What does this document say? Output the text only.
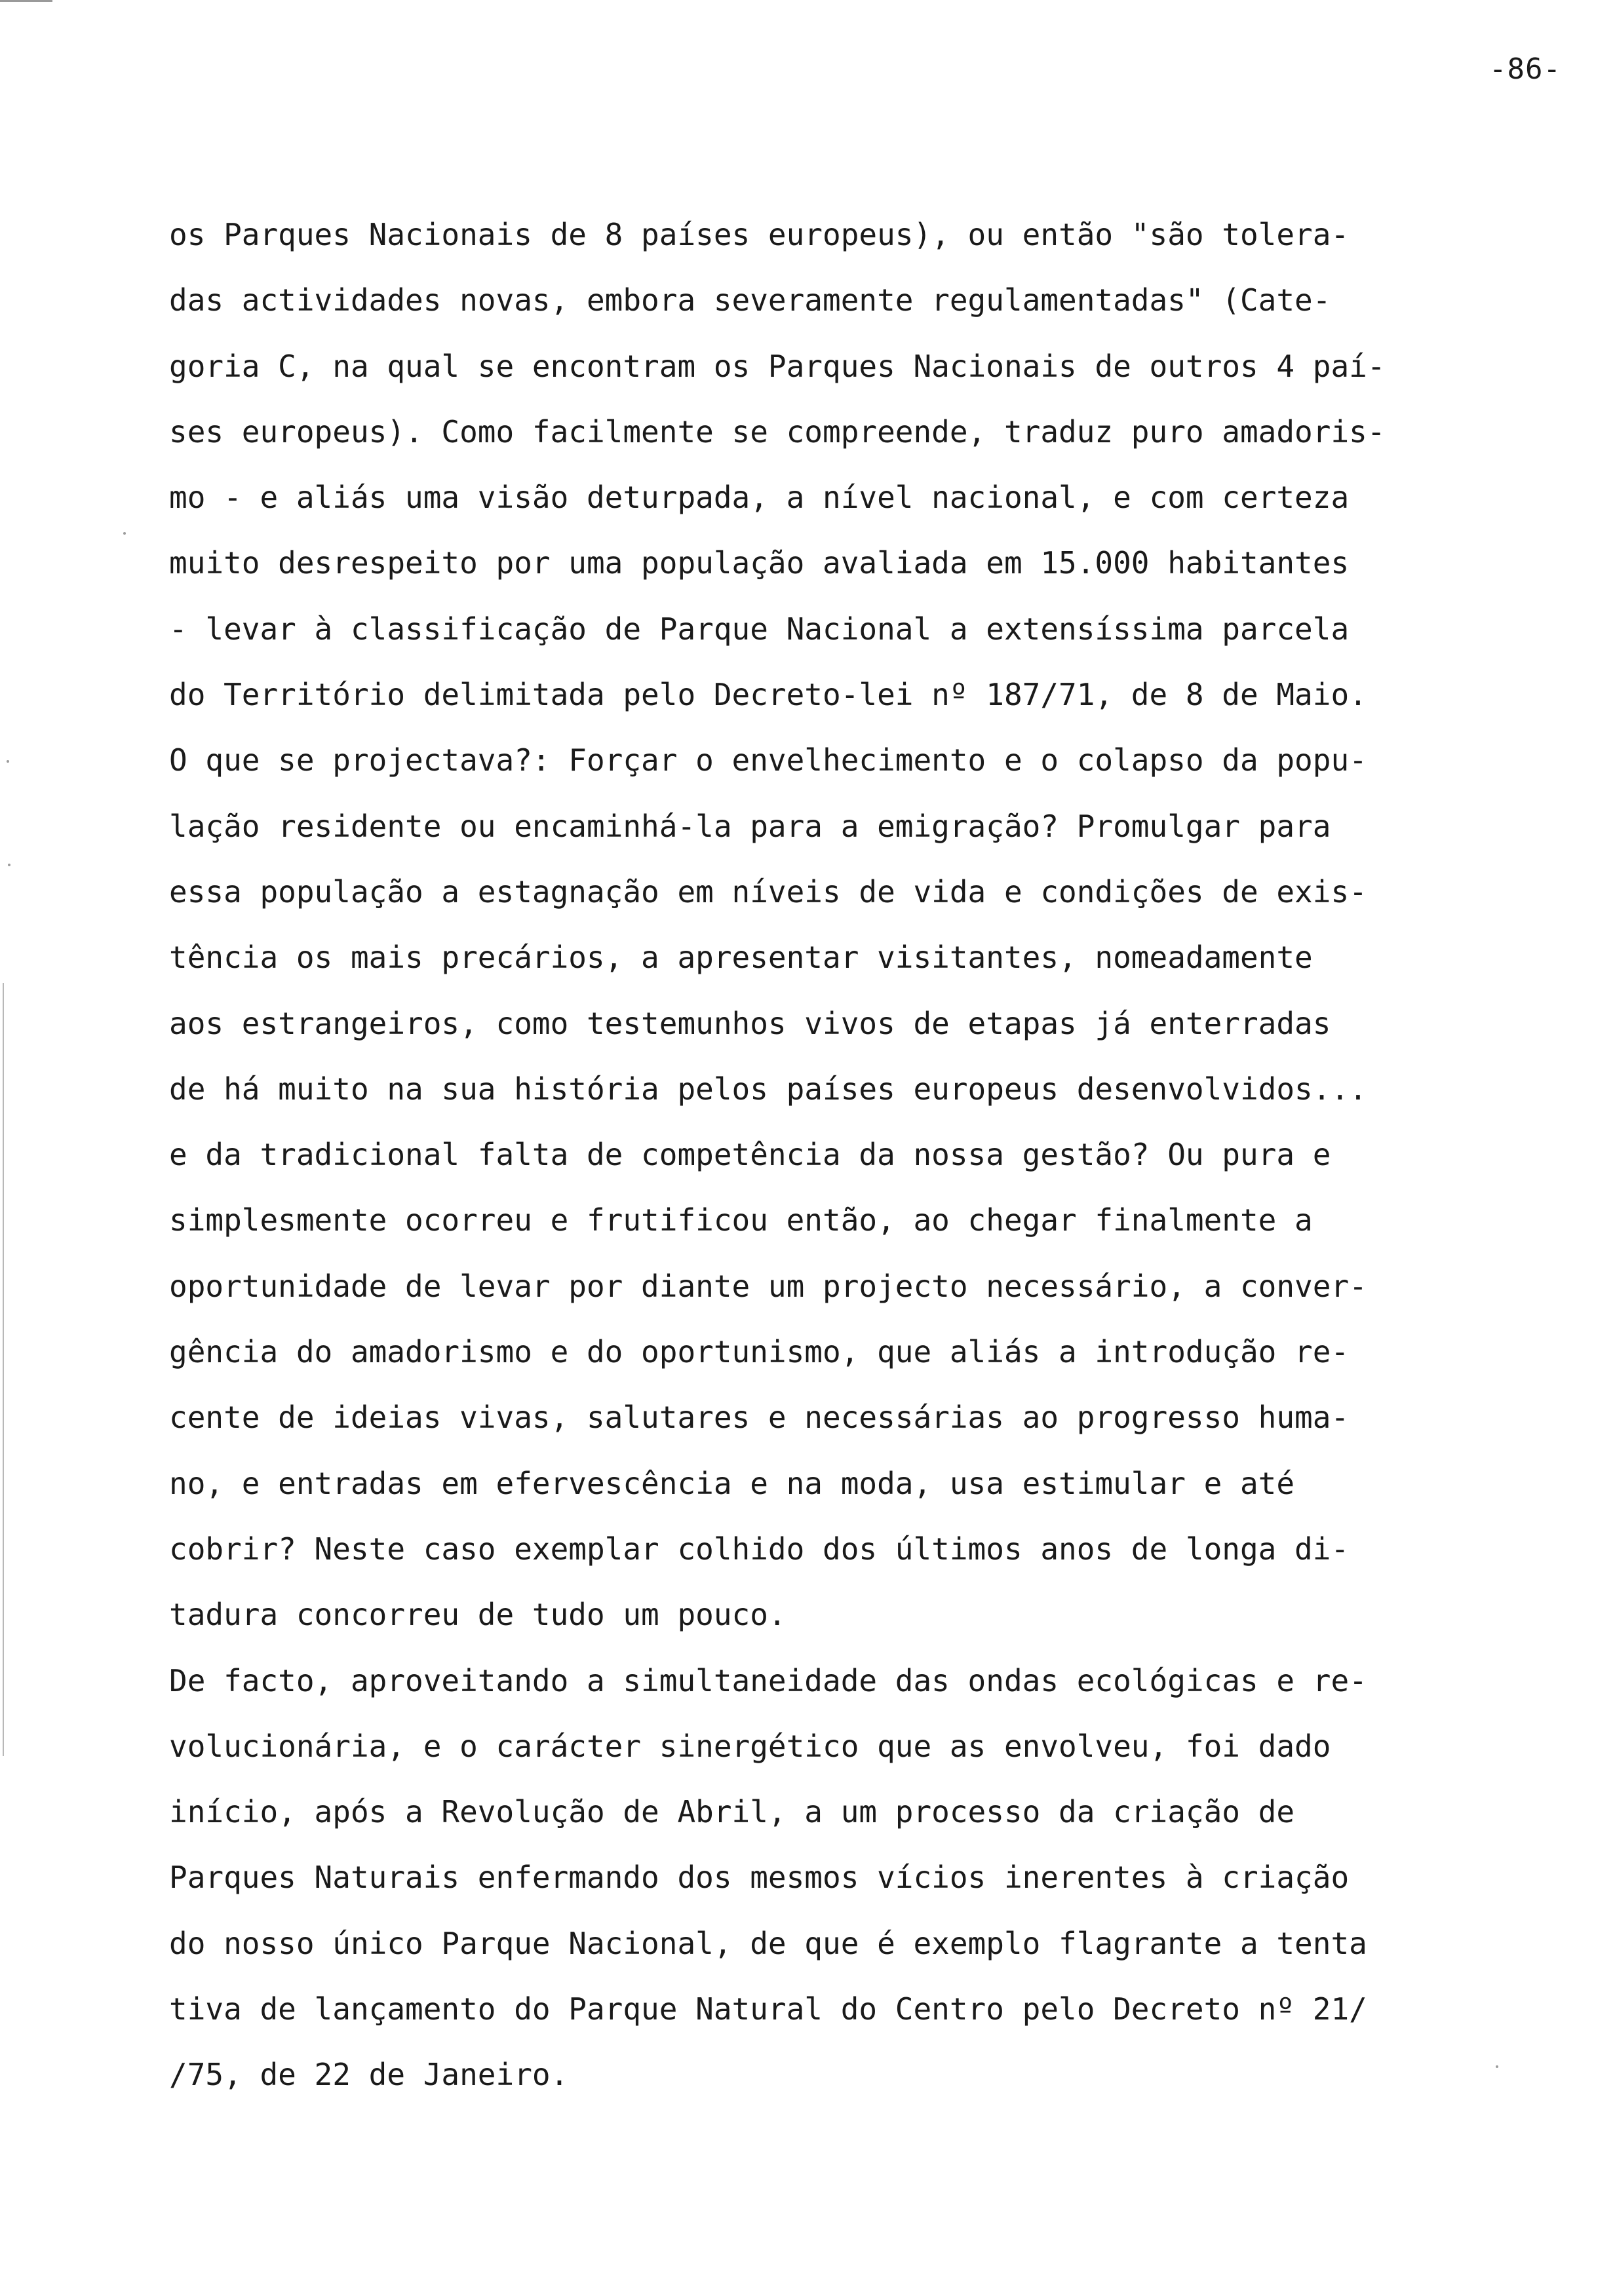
-86-
os Parques Nacionais de 8 países europeus), ou então "são tolera-
das actividades novas, embora severamente regulamentadas" (Cate-
goria C, na qual se encontram os Parques Nacionais de outros 4 paí-
ses europeus). Como facilmente se compreende, traduz puro amadoris-
mo - e aliás uma visão deturpada, a nível nacional, e com certeza
muito desrespeito por uma população avaliada em 15.000 habitantes
- levar à classificação de Parque Nacional a extensíssima parcela
do Território delimitada pelo Decreto-lei nº 187/71, de 8 de Maio.
O que se projectava?: Forçar o envelhecimento e o colapso da popu-
lação residente ou encaminhá-la para a emigração? Promulgar para
essa população a estagnação em níveis de vida e condições de exis-
tência os mais precários, a apresentar visitantes, nomeadamente
aos estrangeiros, como testemunhos vivos de etapas já enterradas
de há muito na sua história pelos países europeus desenvolvidos...
e da tradicional falta de competência da nossa gestão? Ou pura e
simplesmente ocorreu e frutificou então, ao chegar finalmente a
oportunidade de levar por diante um projecto necessário, a conver-
gência do amadorismo e do oportunismo, que aliás a introdução re-
cente de ideias vivas, salutares e necessárias ao progresso huma-
no, e entradas em efervescência e na moda, usa estimular e até
cobrir? Neste caso exemplar colhido dos últimos anos de longa di-
tadura concorreu de tudo um pouco.
De facto, aproveitando a simultaneidade das ondas ecológicas e re-
volucionária, e o carácter sinergético que as envolveu, foi dado
início, após a Revolução de Abril, a um processo da criação de
Parques Naturais enfermando dos mesmos vícios inerentes à criação
do nosso único Parque Nacional, de que é exemplo flagrante a tenta
tiva de lançamento do Parque Natural do Centro pelo Decreto nº 21/
/75, de 22 de Janeiro.
